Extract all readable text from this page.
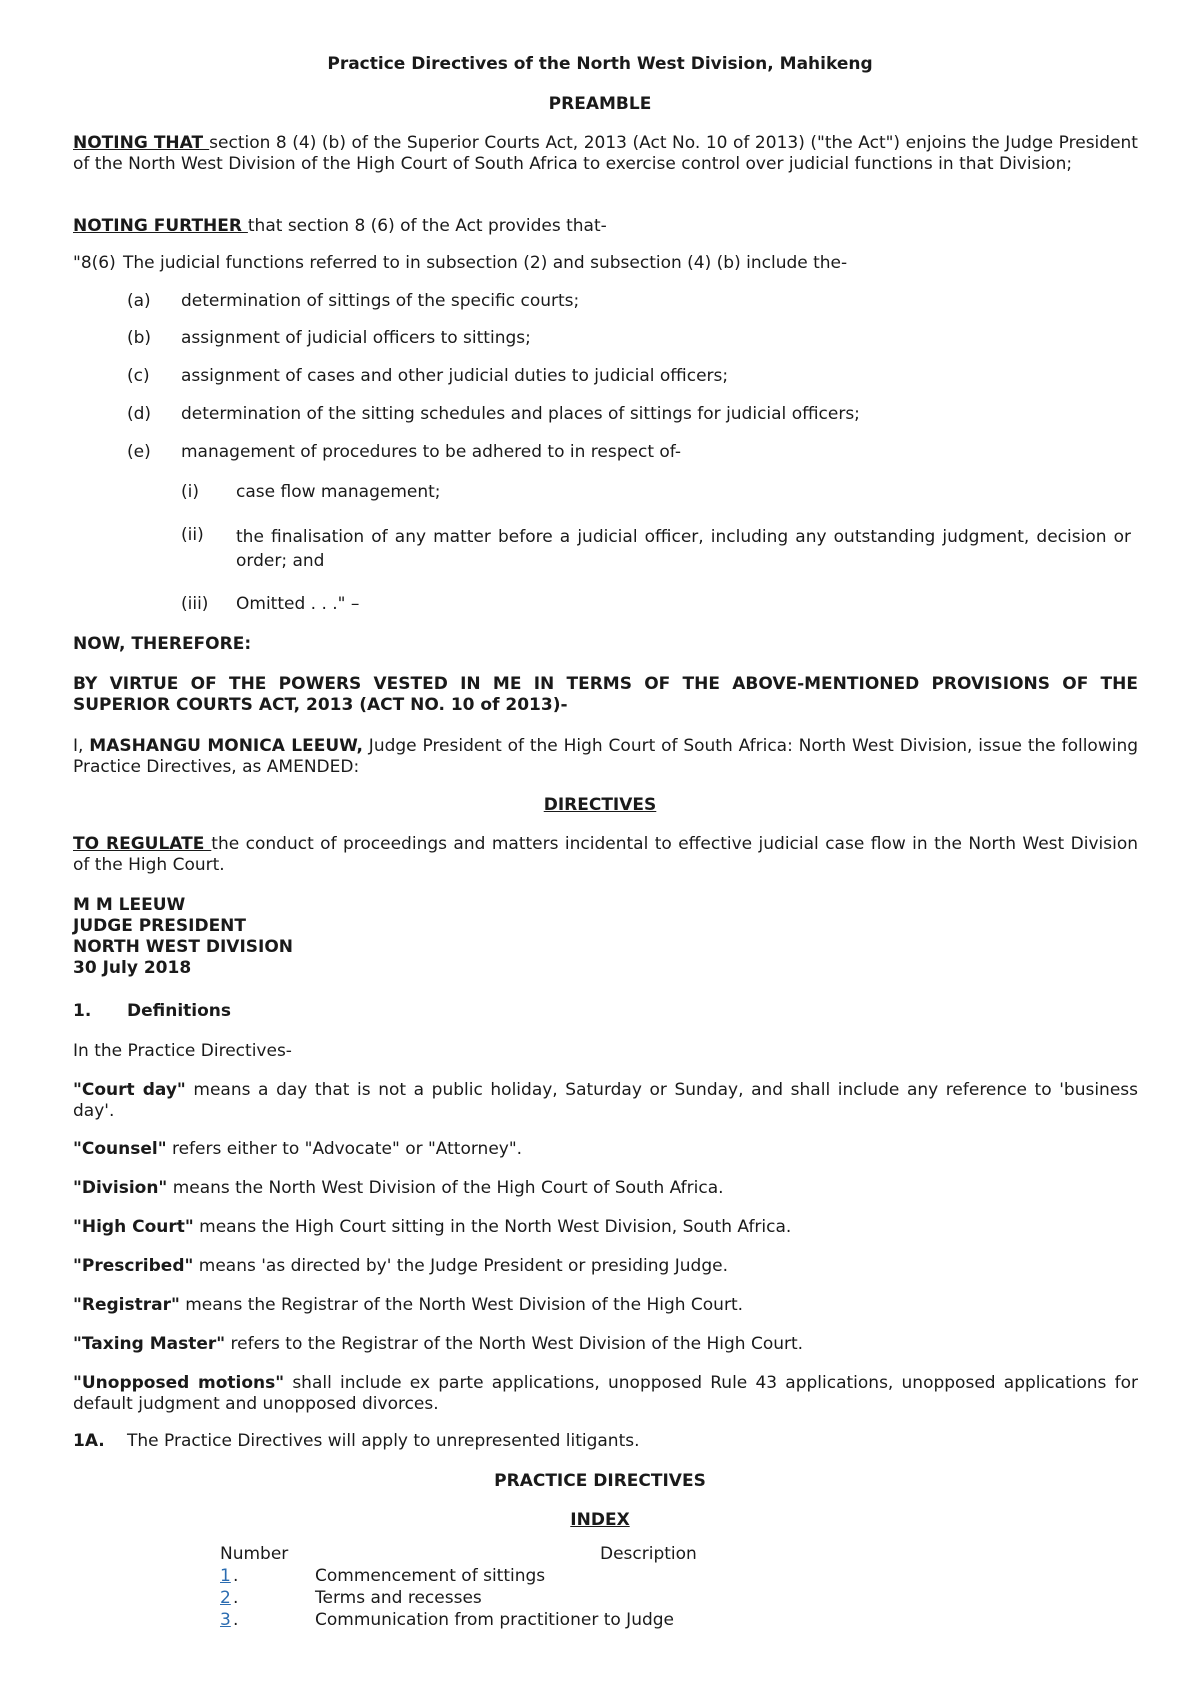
Practice Directives of the North West Division, Mahikeng

PREAMBLE

NOTING THAT section 8 (4) (b) of the Superior Courts Act, 2013 (Act No. 10 of 2013) ("the Act") enjoins the Judge President of the North West Division of the High Court of South Africa to exercise control over judicial functions in that Division;

NOTING FURTHER that section 8 (6) of the Act provides that-

"8(6) The judicial functions referred to in subsection (2) and subsection (4) (b) include the-
(a) determination of sittings of the specific courts;
(b) assignment of judicial officers to sittings;
(c) assignment of cases and other judicial duties to judicial officers;
(d) determination of the sitting schedules and places of sittings for judicial officers;
(e) management of procedures to be adhered to in respect of-
(i) case flow management;
(ii) the finalisation of any matter before a judicial officer, including any outstanding judgment, decision or order; and
(iii) Omitted . . ." –

NOW, THEREFORE:

BY VIRTUE OF THE POWERS VESTED IN ME IN TERMS OF THE ABOVE-MENTIONED PROVISIONS OF THE SUPERIOR COURTS ACT, 2013 (ACT NO. 10 of 2013)-

I, MASHANGU MONICA LEEUW, Judge President of the High Court of South Africa: North West Division, issue the following Practice Directives, as AMENDED:

DIRECTIVES

TO REGULATE the conduct of proceedings and matters incidental to effective judicial case flow in the North West Division of the High Court.

M M LEEUW
JUDGE PRESIDENT
NORTH WEST DIVISION
30 July 2018
1. Definitions

In the Practice Directives-

"Court day" means a day that is not a public holiday, Saturday or Sunday, and shall include any reference to 'business day'.

"Counsel" refers either to "Advocate" or "Attorney".

"Division" means the North West Division of the High Court of South Africa.

"High Court" means the High Court sitting in the North West Division, South Africa.

"Prescribed" means 'as directed by' the Judge President or presiding Judge.

"Registrar" means the Registrar of the North West Division of the High Court.

"Taxing Master" refers to the Registrar of the North West Division of the High Court.

"Unopposed motions" shall include ex parte applications, unopposed Rule 43 applications, unopposed applications for default judgment and unopposed divorces.

1A. The Practice Directives will apply to unrepresented litigants.

PRACTICE DIRECTIVES

INDEX

Number	Description
1 .	Commencement of sittings
2 .	Terms and recesses
3 .	Communication from practitioner to Judge
